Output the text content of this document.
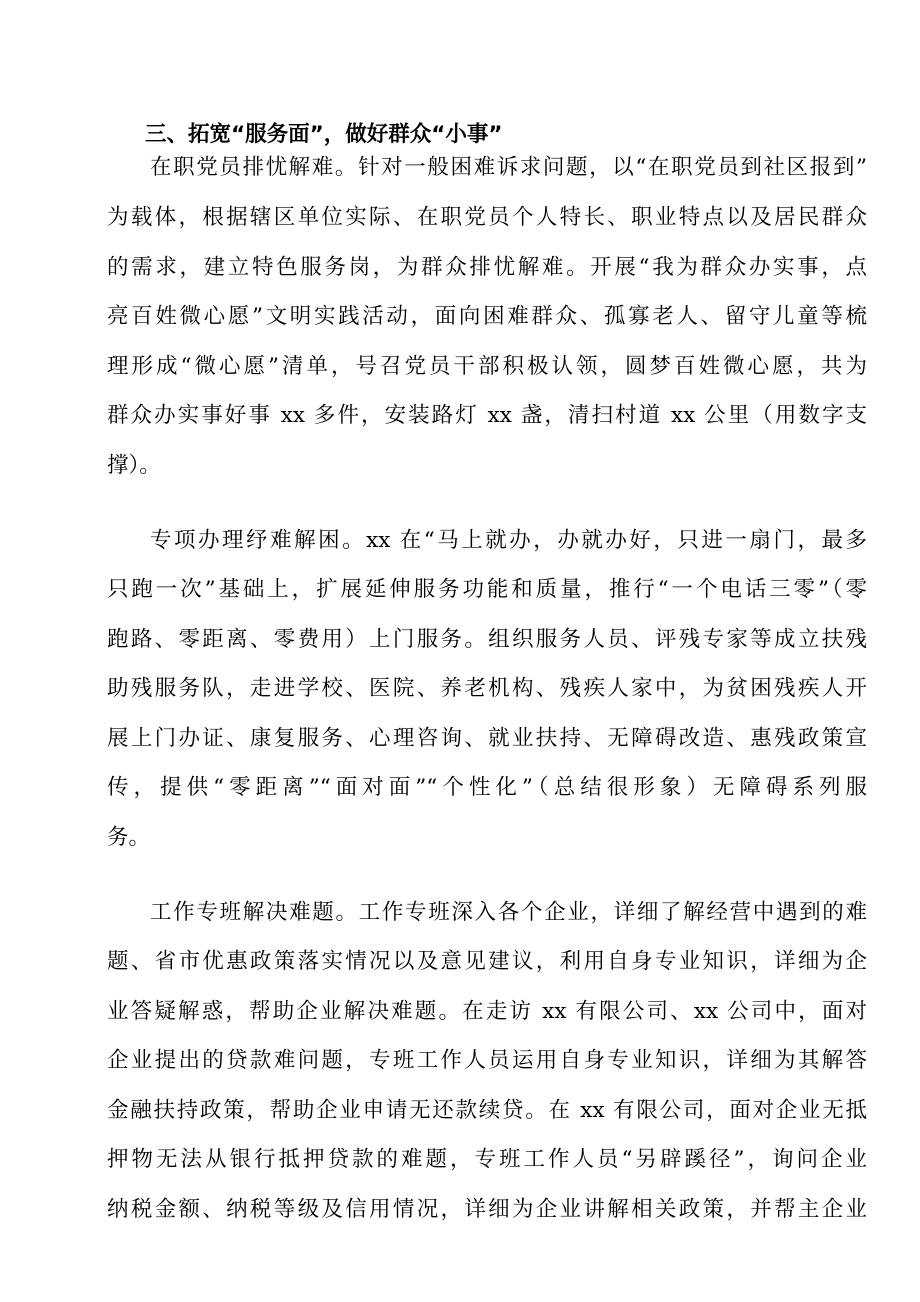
三、拓宽“服务面”，做好群众“小事”
在职党员排忧解难。针对一般困难诉求问题，以“在职党员到社区报到”
为载体，根据辖区单位实际、在职党员个人特长、职业特点以及居民群众
的需求，建立特色服务岗，为群众排忧解难。开展“我为群众办实事，点
亮百姓微心愿”文明实践活动，面向困难群众、孤寡老人、留守儿童等梳
理形成“微心愿”清单，号召党员干部积极认领，圆梦百姓微心愿，共为
群众办实事好事 xx 多件，安装路灯 xx 盏，清扫村道 xx 公里（用数字支
撑）。
专项办理纾难解困。xx 在“马上就办，办就办好，只进一扇门，最多
只跑一次”基础上，扩展延伸服务功能和质量，推行“一个电话三零”（零
跑路、零距离、零费用）上门服务。组织服务人员、评残专家等成立扶残
助残服务队，走进学校、医院、养老机构、残疾人家中，为贫困残疾人开
展上门办证、康复服务、心理咨询、就业扶持、无障碍改造、惠残政策宣
传，提供“零距离”“面对面”“个性化”（总结很形象）无障碍系列服
务。
工作专班解决难题。工作专班深入各个企业，详细了解经营中遇到的难
题、省市优惠政策落实情况以及意见建议，利用自身专业知识，详细为企
业答疑解惑，帮助企业解决难题。在走访 xx 有限公司、xx 公司中，面对
企业提出的贷款难问题，专班工作人员运用自身专业知识，详细为其解答
金融扶持政策，帮助企业申请无还款续贷。在 xx 有限公司，面对企业无抵
押物无法从银行抵押贷款的难题，专班工作人员“另辟蹊径”，询问企业
纳税金额、纳税等级及信用情况，详细为企业讲解相关政策，并帮主企业
